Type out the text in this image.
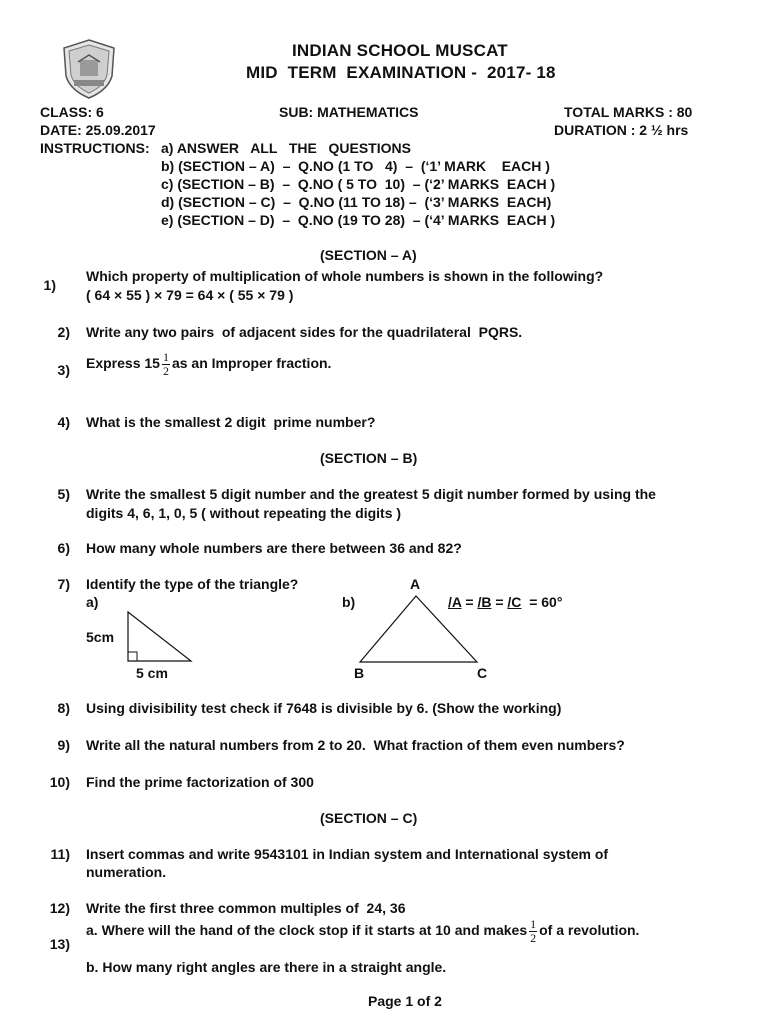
INDIAN SCHOOL MUSCAT
MID  TERM  EXAMINATION -  2017- 18
CLASS: 6	SUB: MATHEMATICS	TOTAL MARKS : 80
DATE: 25.09.2017	DURATION : 2 ½ hrs
INSTRUCTIONS: a) ANSWER   ALL   THE   QUESTIONS
b) (SECTION – A)  –  Q.NO (1 TO   4)  –  (‘1’ MARK    EACH )
c) (SECTION – B)  –  Q.NO ( 5 TO  10)  – (‘2’ MARKS  EACH )
d) (SECTION – C)  –  Q.NO (11 TO 18) –  (‘3’ MARKS  EACH)
e) (SECTION – D)  –  Q.NO (19 TO 28)  – (‘4’ MARKS  EACH )
(SECTION – A)
1)
Which property of multiplication of whole numbers is shown in the following?
( 64 × 55 ) × 79 = 64 × ( 55 × 79 )
2) Write any two pairs  of adjacent sides for the quadrilateral  PQRS.
3) Express $15 \frac{1}{2}$ as an Improper fraction.
4) What is the smallest 2 digit  prime number?
(SECTION – B)
5) Write the smallest 5 digit number and the greatest 5 digit number formed by using the
digits 4, 6, 1, 0, 5 ( without repeating the digits )
6) How many whole numbers are there between 36 and 82?
7) Identify the type of the triangle?
a)	b)
5cm
5 cm
A
B	C
/A = /B = /C = 60°
8) Using divisibility test check if 7648 is divisible by 6. (Show the working)
9) Write all the natural numbers from 2 to 20.  What fraction of them even numbers?
10) Find the prime factorization of 300
(SECTION – C)
11) Insert commas and write 9543101 in Indian system and International system of
numeration.
12) Write the first three common multiples of  24, 36
13)
a. Where will the hand of the clock stop if it starts at 10 and makes $\frac{1}{2}$ of a revolution.
b. How many right angles are there in a straight angle.
Page 1 of 2
